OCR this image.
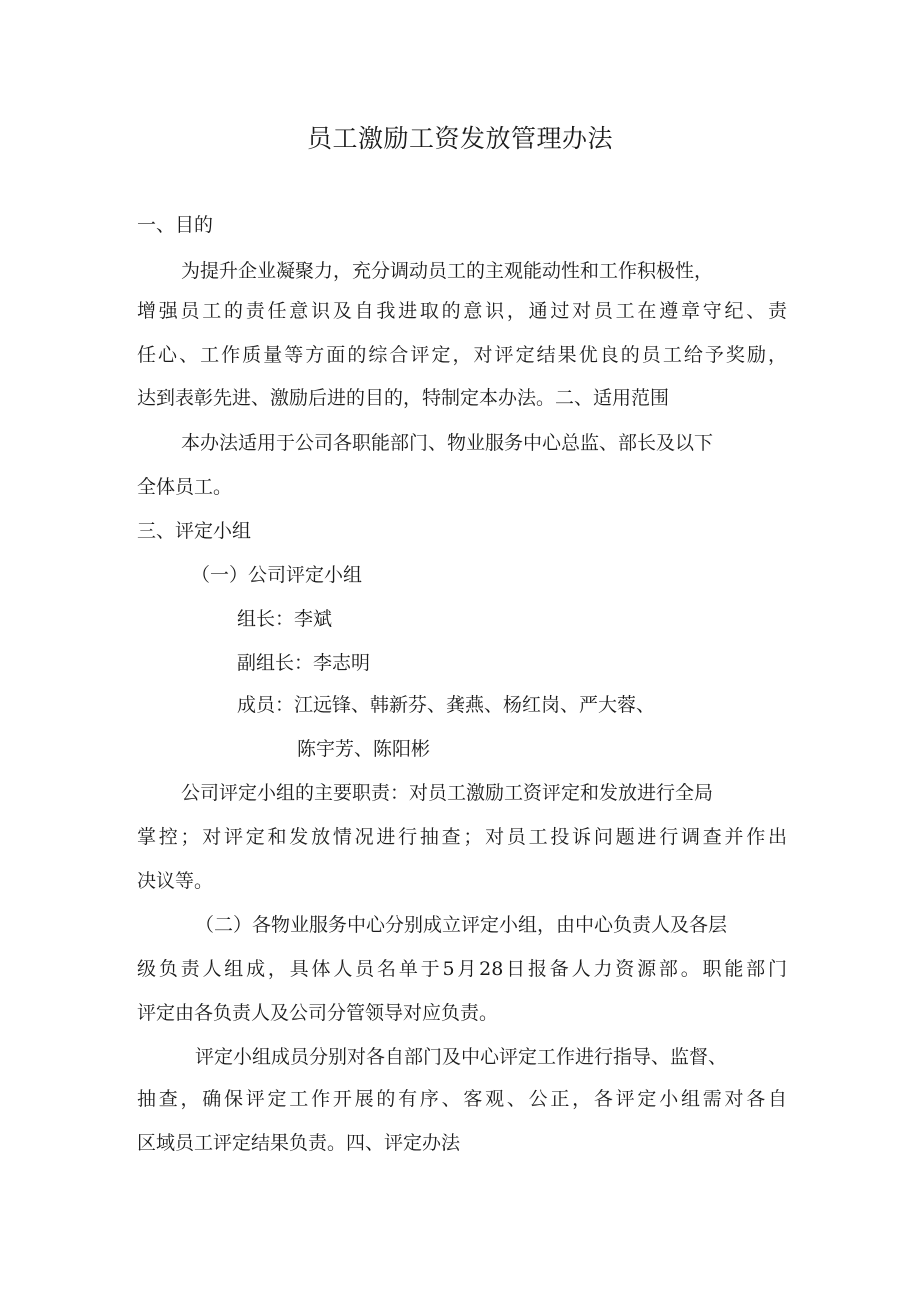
员工激励工资发放管理办法

一、目的

为提升企业凝聚力，充分调动员工的主观能动性和工作积极性，

增强员工的责任意识及自我进取的意识，通过对员工在遵章守纪、责

任心、工作质量等方面的综合评定，对评定结果优良的员工给予奖励，

达到表彰先进、激励后进的目的，特制定本办法。二、适用范围

本办法适用于公司各职能部门、物业服务中心总监、部长及以下

全体员工。

三、评定小组

（一）公司评定小组

组长：李斌

副组长：李志明

成员：江远锋、韩新芬、龚燕、杨红岗、严大蓉、

陈宇芳、陈阳彬

公司评定小组的主要职责：对员工激励工资评定和发放进行全局

掌控；对评定和发放情况进行抽查；对员工投诉问题进行调查并作出

决议等。

（二）各物业服务中心分别成立评定小组，由中心负责人及各层

级负责人组成，具体人员名单于5月28日报备人力资源部。职能部门

评定由各负责人及公司分管领导对应负责。

评定小组成员分别对各自部门及中心评定工作进行指导、监督、

抽查，确保评定工作开展的有序、客观、公正，各评定小组需对各自

区域员工评定结果负责。四、评定办法
